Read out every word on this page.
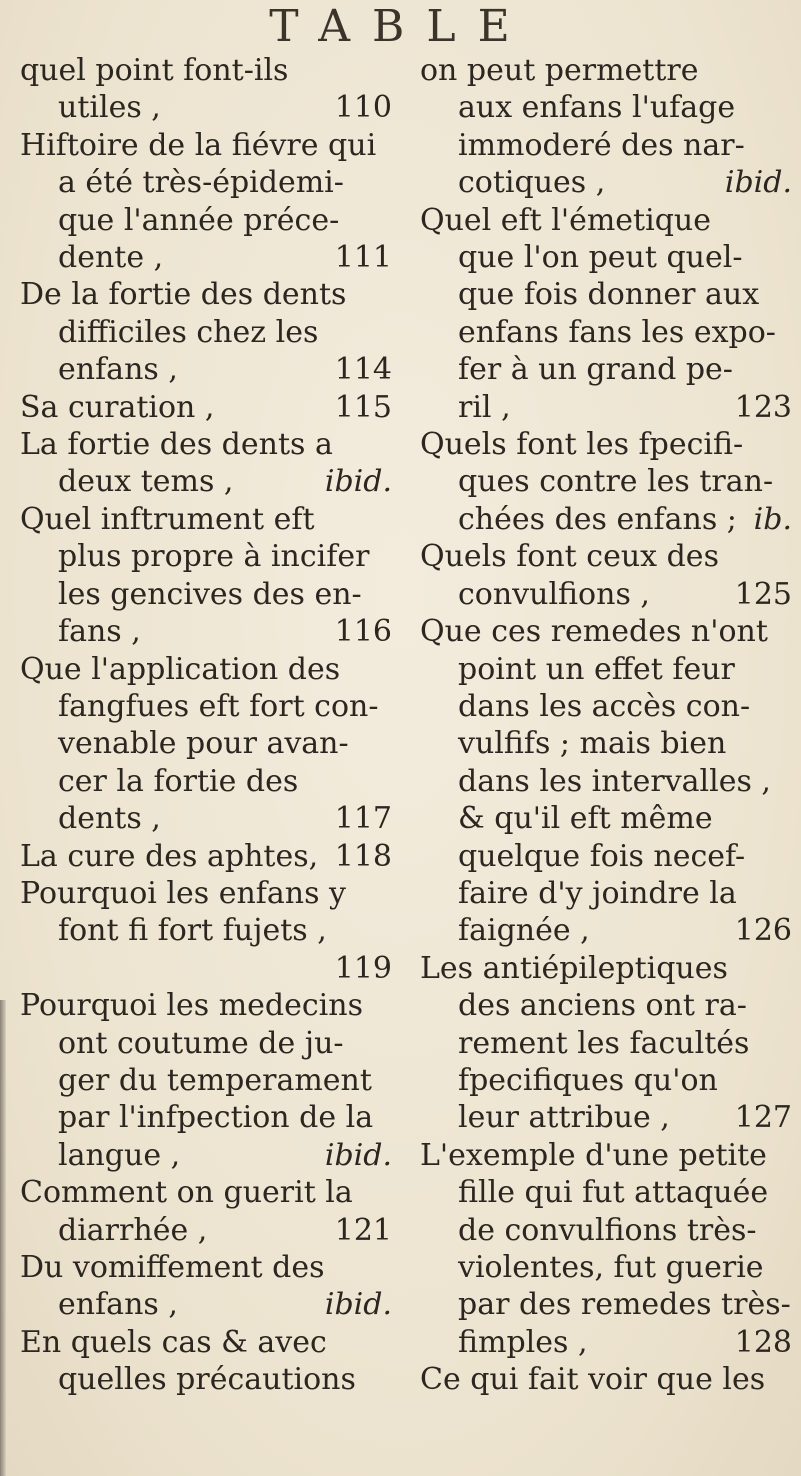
TABLE
quel point font-ils
110
utiles ,
Hiftoire de la fiévre qui
a été très-épidemi-
que l'année préce-
111
dente ,
De la fortie des dents
difficiles chez les
114
enfans ,
115
Sa curation ,
La fortie des dents a
ibid.
deux tems ,
Quel inftrument eft
plus propre à incifer
les gencives des en-
116
fans ,
Que l'application des
fangfues eft fort con-
venable pour avan-
cer la fortie des
117
dents ,
118
La cure des aphtes,
Pourquoi les enfans y
font fi fort fujets ,
119

Pourquoi les medecins
ont coutume de ju-
ger du temperament
par l'infpection de la
ibid.
langue ,
Comment on guerit la
121
diarrhée ,
Du vomiffement des
ibid.
enfans ,
En quels cas & avec
quelles précautions
on peut permettre
aux enfans l'ufage
immoderé des nar-
ibid.
cotiques ,
Quel eft l'émetique
que l'on peut quel-
que fois donner aux
enfans fans les expo-
fer à un grand pe-
123
ril ,
Quels font les fpecifi-
ques contre les tran-
ib.
chées des enfans ;
Quels font ceux des
125
convulfions ,
Que ces remedes n'ont
point un effet feur
dans les accès con-
vulfifs ; mais bien
dans les intervalles ,
& qu'il eft même
quelque fois necef-
faire d'y joindre la
126
faignée ,
Les antiépileptiques
des anciens ont ra-
rement les facultés
fpecifiques qu'on
127
leur attribue ,
L'exemple d'une petite
fille qui fut attaquée
de convulfions très-
violentes, fut guerie
par des remedes très-
128
fimples ,
Ce qui fait voir que les
